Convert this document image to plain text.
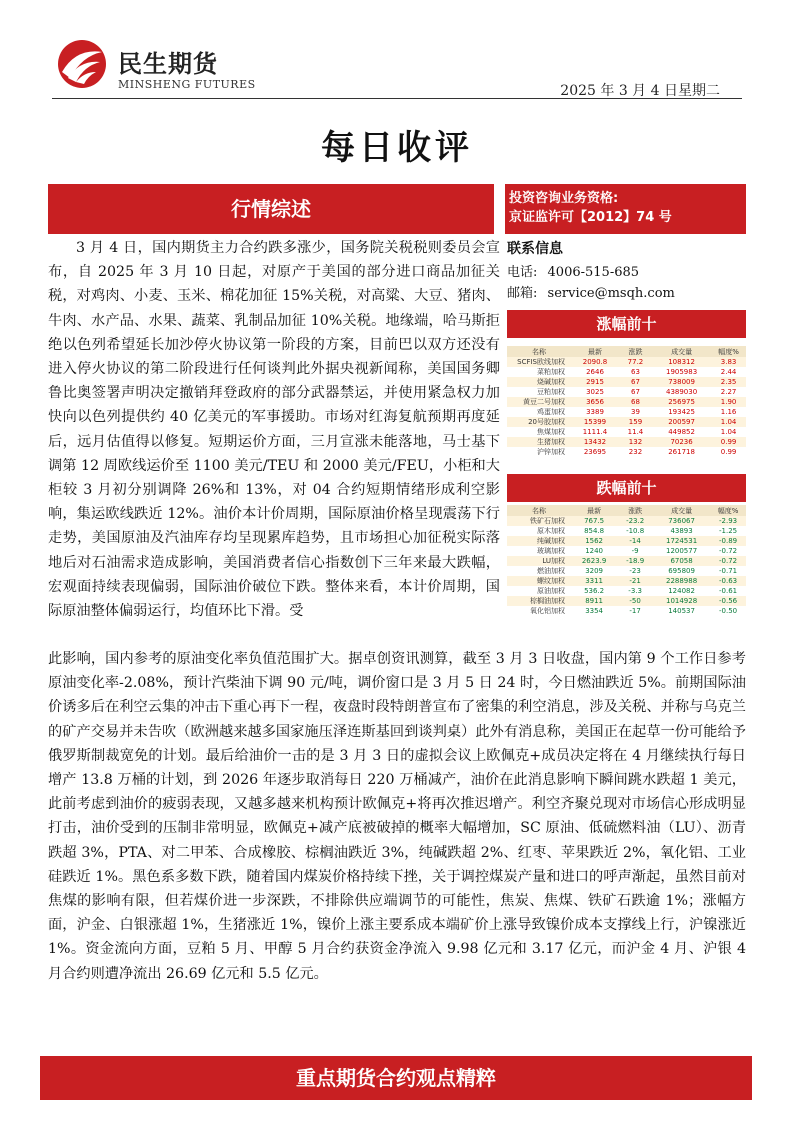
民生期货
MINSHENG FUTURES	2025 年 3 月 4 日星期二
每日收评
行情综述	投资咨询业务资格:
京证监许可【2012】74 号
联系信息
电话: 4006-515-685
邮箱: service@msqh.com
涨幅前十
名称	最新	涨跌	成交量	幅度%
SCFIS欧线加权	2090.8	77.2	108312	3.83
菜粕加权	2646	63	1905983	2.44
烧碱加权	2915	67	738009	2.35
豆粕加权	3025	67	4389030	2.27
黄豆二号加权	3656	68	256975	1.90
鸡蛋加权	3389	39	193425	1.16
20号胶加权	15399	159	200597	1.04
焦煤加权	1111.4	11.4	449852	1.04
生猪加权	13432	132	70236	0.99
沪锌加权	23695	232	261718	0.99
跌幅前十
名称	最新	涨跌	成交量	幅度%
铁矿石加权	767.5	-23.2	736067	-2.93
原木加权	854.8	-10.8	43893	-1.25
纯碱加权	1562	-14	1724531	-0.89
玻璃加权	1240	-9	1200577	-0.72
LU加权	2623.9	-18.9	67058	-0.72
燃油加权	3209	-23	695809	-0.71
螺纹加权	3311	-21	2288988	-0.63
原油加权	536.2	-3.3	124082	-0.61
棕榈油加权	8911	-50	1014928	-0.56
氧化铝加权	3354	-17	140537	-0.50
3 月 4 日，国内期货主力合约跌多涨少，国务院关税税则委员会宣布，自 2025 年 3 月 10 日起，对原产于美国的部分进口商品加征关税，对鸡肉、小麦、玉米、棉花加征 15%关税，对高粱、大豆、猪肉、牛肉、水产品、水果、蔬菜、乳制品加征 10%关税。地缘端，哈马斯拒绝以色列希望延长加沙停火协议第一阶段的方案，目前巴以双方还没有进入停火协议的第二阶段进行任何谈判此外据央视新闻称，美国国务卿鲁比奥签署声明决定撤销拜登政府的部分武器禁运，并使用紧急权力加快向以色列提供约 40 亿美元的军事援助。市场对红海复航预期再度延后，远月估值得以修复。短期运价方面，三月宣涨未能落地，马士基下调第 12 周欧线运价至 1100 美元/TEU 和 2000 美元/FEU，小柜和大柜较 3 月初分别调降 26%和 13%，对 04 合约短期情绪形成利空影响，集运欧线跌近 12%。油价本计价周期，国际原油价格呈现震荡下行走势，美国原油及汽油库存均呈现累库趋势，且市场担心加征税实际落地后对石油需求造成影响，美国消费者信心指数创下三年来最大跌幅，宏观面持续表现偏弱，国际油价破位下跌。整体来看，本计价周期，国际原油整体偏弱运行，均值环比下滑。受
此影响，国内参考的原油变化率负值范围扩大。据卓创资讯测算，截至 3 月 3 日收盘，国内第 9 个工作日参考原油变化率-2.08%，预计汽柴油下调 90 元/吨，调价窗口是 3 月 5 日 24 时，今日燃油跌近 5%。前期国际油价诱多后在利空云集的冲击下重心再下一程，夜盘时段特朗普宣布了密集的利空消息，涉及关税、并称与乌克兰的矿产交易并未告吹（欧洲越来越多国家施压泽连斯基回到谈判桌）此外有消息称，美国正在起草一份可能给予俄罗斯制裁宽免的计划。最后给油价一击的是 3 月 3 日的虚拟会议上欧佩克+成员决定将在 4 月继续执行每日增产 13.8 万桶的计划，到 2026 年逐步取消每日 220 万桶减产，油价在此消息影响下瞬间跳水跌超 1 美元，此前考虑到油价的疲弱表现，又越多越来机构预计欧佩克+将再次推迟增产。利空齐聚兑现对市场信心形成明显打击，油价受到的压制非常明显，欧佩克+减产底被破掉的概率大幅增加，SC 原油、低硫燃料油（LU）、沥青跌超 3%，PTA、对二甲苯、合成橡胶、棕榈油跌近 3%，纯碱跌超 2%、红枣、苹果跌近 2%，氧化铝、工业硅跌近 1%。黑色系多数下跌，随着国内煤炭价格持续下挫，关于调控煤炭产量和进口的呼声渐起，虽然目前对焦煤的影响有限，但若煤价进一步深跌，不排除供应端调节的可能性，焦炭、焦煤、铁矿石跌逾 1%；涨幅方面，沪金、白银涨超 1%，生猪涨近 1%，镍价上涨主要系成本端矿价上涨导致镍价成本支撑线上行，沪镍涨近 1%。资金流向方面，豆粕 5 月、甲醇 5 月合约获资金净流入 9.98 亿元和 3.17 亿元，而沪金 4 月、沪银 4 月合约则遭净流出 26.69 亿元和 5.5 亿元。
重点期货合约观点精粹
